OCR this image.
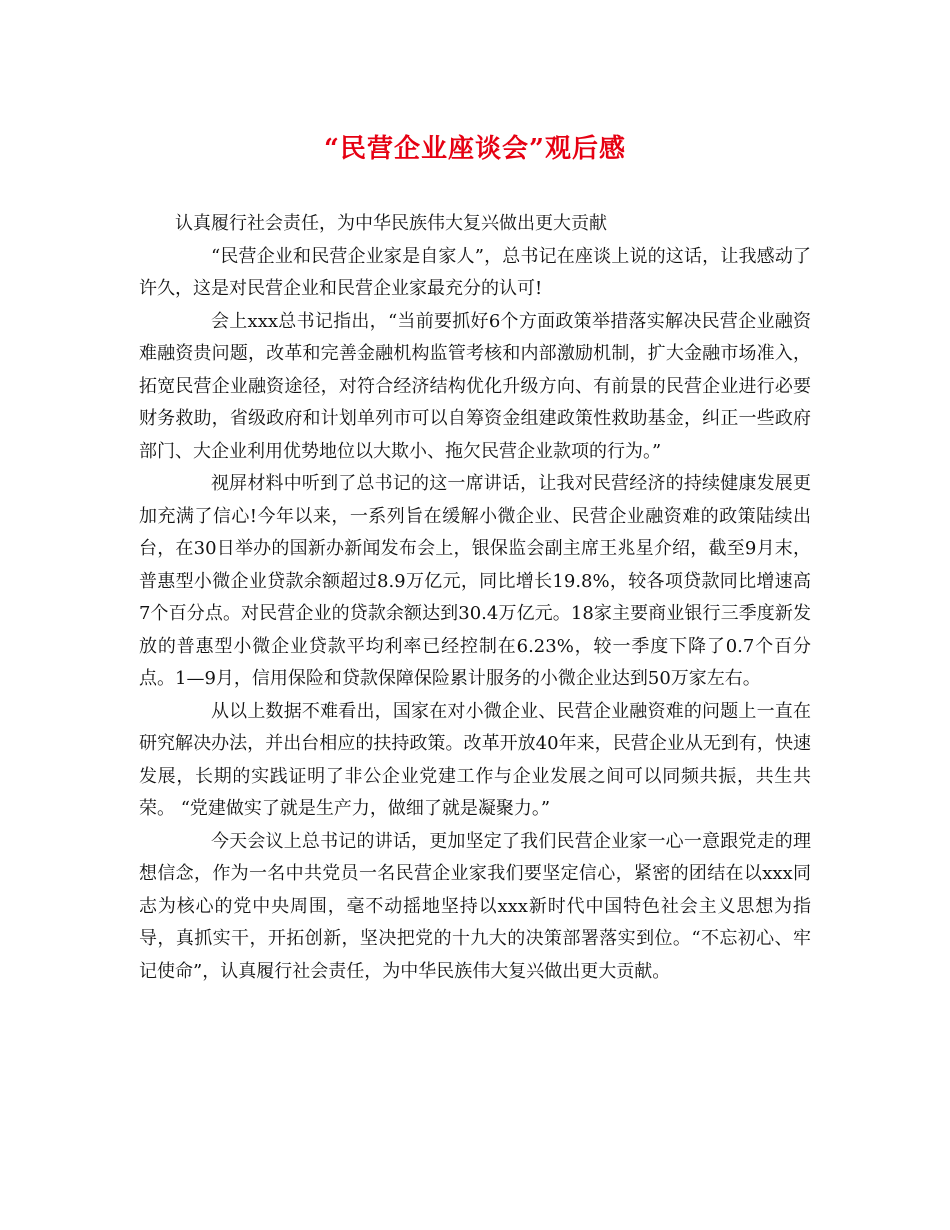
“民营企业座谈会”观后感

认真履行社会责任，为中华民族伟大复兴做出更大贡献

“民营企业和民营企业家是自家人”，总书记在座谈上说的这话，让我感动了许久，这是对民营企业和民营企业家最充分的认可!

会上xxx总书记指出，“当前要抓好6个方面政策举措落实解决民营企业融资难融资贵问题，改革和完善金融机构监管考核和内部激励机制，扩大金融市场准入，拓宽民营企业融资途径，对符合经济结构优化升级方向、有前景的民营企业进行必要财务救助，省级政府和计划单列市可以自筹资金组建政策性救助基金，纠正一些政府部门、大企业利用优势地位以大欺小、拖欠民营企业款项的行为。”

视屏材料中听到了总书记的这一席讲话，让我对民营经济的持续健康发展更加充满了信心!今年以来，一系列旨在缓解小微企业、民营企业融资难的政策陆续出台，在30日举办的国新办新闻发布会上，银保监会副主席王兆星介绍，截至9月末，普惠型小微企业贷款余额超过8.9万亿元，同比增长19.8%，较各项贷款同比增速高7个百分点。对民营企业的贷款余额达到30.4万亿元。18家主要商业银行三季度新发放的普惠型小微企业贷款平均利率已经控制在6.23%，较一季度下降了0.7个百分点。1—9月，信用保险和贷款保障保险累计服务的小微企业达到50万家左右。

从以上数据不难看出，国家在对小微企业、民营企业融资难的问题上一直在研究解决办法，并出台相应的扶持政策。改革开放40年来，民营企业从无到有，快速发展，长期的实践证明了非公企业党建工作与企业发展之间可以同频共振，共生共荣。 “党建做实了就是生产力，做细了就是凝聚力。”

今天会议上总书记的讲话，更加坚定了我们民营企业家一心一意跟党走的理想信念，作为一名中共党员一名民营企业家我们要坚定信心，紧密的团结在以xxx同志为核心的党中央周围，毫不动摇地坚持以xxx新时代中国特色社会主义思想为指导，真抓实干，开拓创新，坚决把党的十九大的决策部署落实到位。“不忘初心、牢记使命”，认真履行社会责任，为中华民族伟大复兴做出更大贡献。
